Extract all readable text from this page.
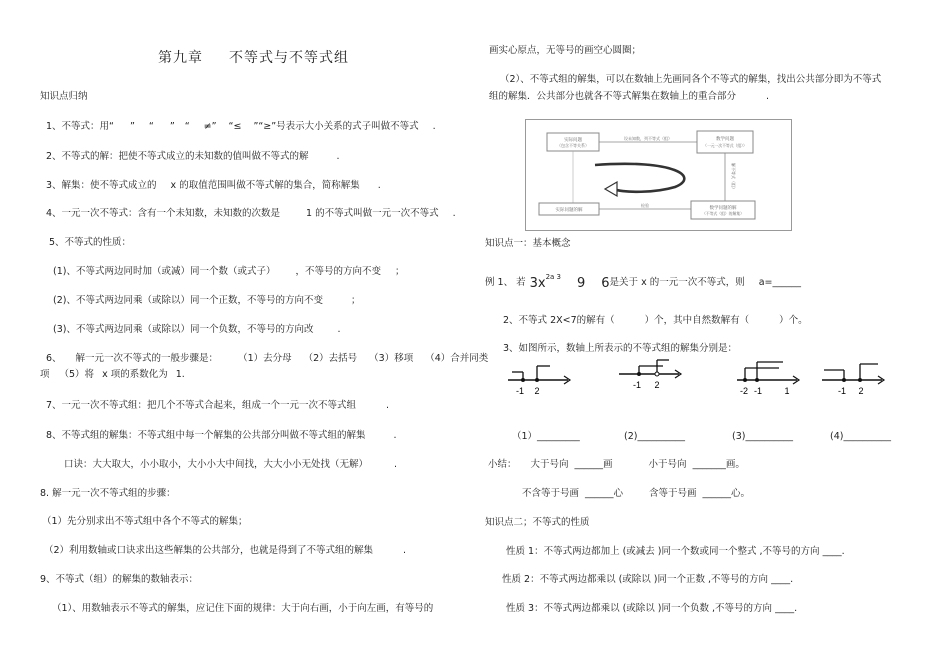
第九章 不等式与不等式组
知识点归纳
1、不等式：用“ ” “ ” “ ≠” “≤ ”“≥”号表示大小关系的式子叫做不等式 .
2、不等式的解：把使不等式成立的未知数的值叫做不等式的解	.
3、解集：使不等式成立的 x 的取值范围叫做不等式解的集合，简称解集 .
4、一元一次不等式：含有一个未知数，未知数的次数是	1 的不等式叫做一元一次不等式 .
5、不等式的性质：
(1)、不等式两边同时加（或减）同一个数（或式子） ，不等号的方向不变 ；
(2)、不等式两边同乘（或除以）同一个正数，不等号的方向不变	；
(3)、不等式两边同乘（或除以）同一个负数，不等号的方向改	.
6、 解一元一次不等式的一般步骤是： （1）去分母 （2）去括号 （3）移项 （4）合并同类
项 （5）将 x 项的系数化为 1.
7、一元一次不等式组：把几个不等式合起来，组成一个一元一次不等式组	.
8、不等式组的解集：不等式组中每一个解集的公共部分叫做不等式组的解集	.
口诀：大大取大，小小取小，大小小大中间找，大大小小无处找（无解）	.
8. 解一元一次不等式组的步骤：
（1）先分别求出不等式组中各个不等式的解集；
（2）利用数轴或口诀求出这些解集的公共部分，也就是得到了不等式组的解集	.
9、不等式（组）的解集的数轴表示：
（1）、用数轴表示不等式的解集，应记住下面的规律：大于向右画，小于向左画，有等号的
画实心原点，无等号的画空心圆圈；
（2）、不等式组的解集，可以在数轴上先画同各个不等式的解集，找出公共部分即为不等式
组的解集．公共部分也就各不等式解集在数轴上的重合部分	.
实际问题
（包含不等关系）
设未知数，列不等式（组）	数学问题
（一元一次不等式（组））
解不等式（组）
实际问题的解
检验	数学问题的解
（不等式（组）的解集）
知识点一：基本概念
例 1、 若 $3x^{2a 3}$ 9 6是关于 x 的一元一次不等式，则 a=______
2、不等式 2X<7的解有（	）个，其中自然数解有（	）个。
3、如图所示，数轴上所表示的不等式组的解集分别是：
-1 2
-1 2
-2 -1 1	-1 2
（1）_________	(2)__________	(3)__________	(4)__________
小结： 大于号向 ______画	小于号向 _______画。
不含等于号画 ______心	含等于号画 ______心。
知识点二；不等式的性质
性质 1：不等式两边都加上 (或减去 )同一个数或同一个整式 ,不等号的方向 ____.
性质 2：不等式两边都乘以 (或除以 )同一个正数 ,不等号的方向 ____.
性质 3：不等式两边都乘以 (或除以 )同一个负数 ,不等号的方向 ____.
